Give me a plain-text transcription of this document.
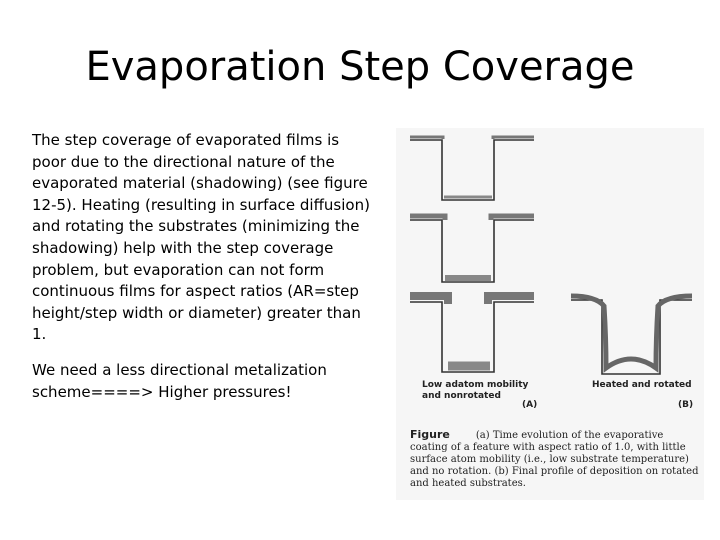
Evaporation Step Coverage

The step coverage of evaporated films is poor due to the directional nature of the evaporated material (shadowing) (see figure 12-5). Heating (resulting in surface diffusion) and rotating the substrates (minimizing the shadowing) help with the step coverage problem, but evaporation can not form continuous films for aspect ratios (AR=step height/step width or diameter) greater than 1.

We need a less directional metalization scheme====> Higher pressures!	Low adatom mobility and nonrotated
(A)
Heated and rotated
(B)
Figure	(a) Time evolution of the evaporative coating of a feature with aspect ratio of 1.0, with little surface atom mobility (i.e., low substrate temperature) and no rotation. (b) Final profile of deposition on rotated and heated substrates.
